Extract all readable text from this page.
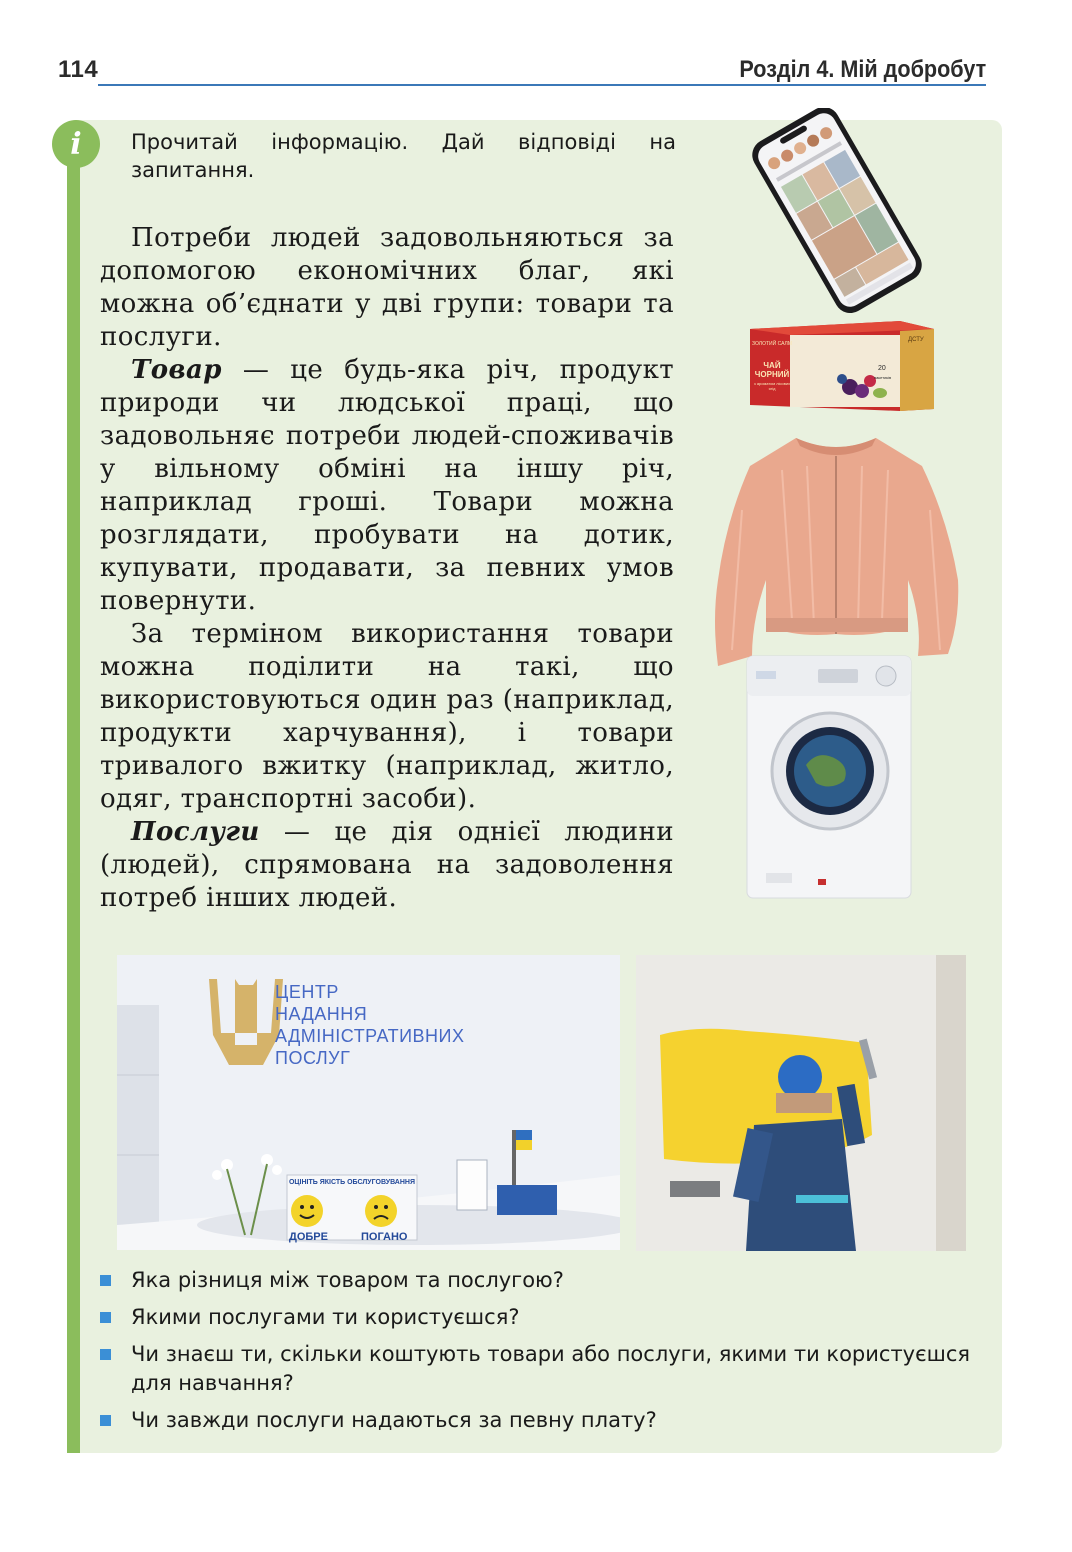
114	Розділ 4. Мій добробут
i Прочитай інформацію. Дай відповіді на запитання.

Потреби людей задовольняються за допомогою економічних благ, які можна об’єднати у дві групи: товари та послуги.

Товар — це будь-яка річ, продукт природи чи людської праці, що задовольняє потреби людей-споживачів у вільному обміні на іншу річ, наприклад гроші. Товари можна розглядати, пробувати на дотик, купувати, продавати, за певних умов повернути.

За терміном використання товари можна поділити на такі, що використовуються один раз (наприклад, продукти харчування), і товари тривалого вжитку (наприклад, житло, одяг, транспортні засоби).

Послуги — це дія однієї людини (людей), спрямована на задоволення потреб інших людей.

ЗОЛОТИЙ САЛМ
ЧАЙ
ЧОРНИЙ
з ароматом лісових ягід
20
пакетиків
ДСТУ
ЦЕНТР
НАДАННЯ
АДМІНІСТРАТИВНИХ
ПОСЛУГ
ОЦІНІТЬ ЯКІСТЬ ОБСЛУГОВУВАННЯ
ДОБРЕ	ПОГАНО
Яка різниця між товаром та послугою?
Якими послугами ти користуєшся?
Чи знаєш ти, скільки коштують товари або послуги, якими ти користуєшся для навчання?
Чи завжди послуги надаються за певну плату?
